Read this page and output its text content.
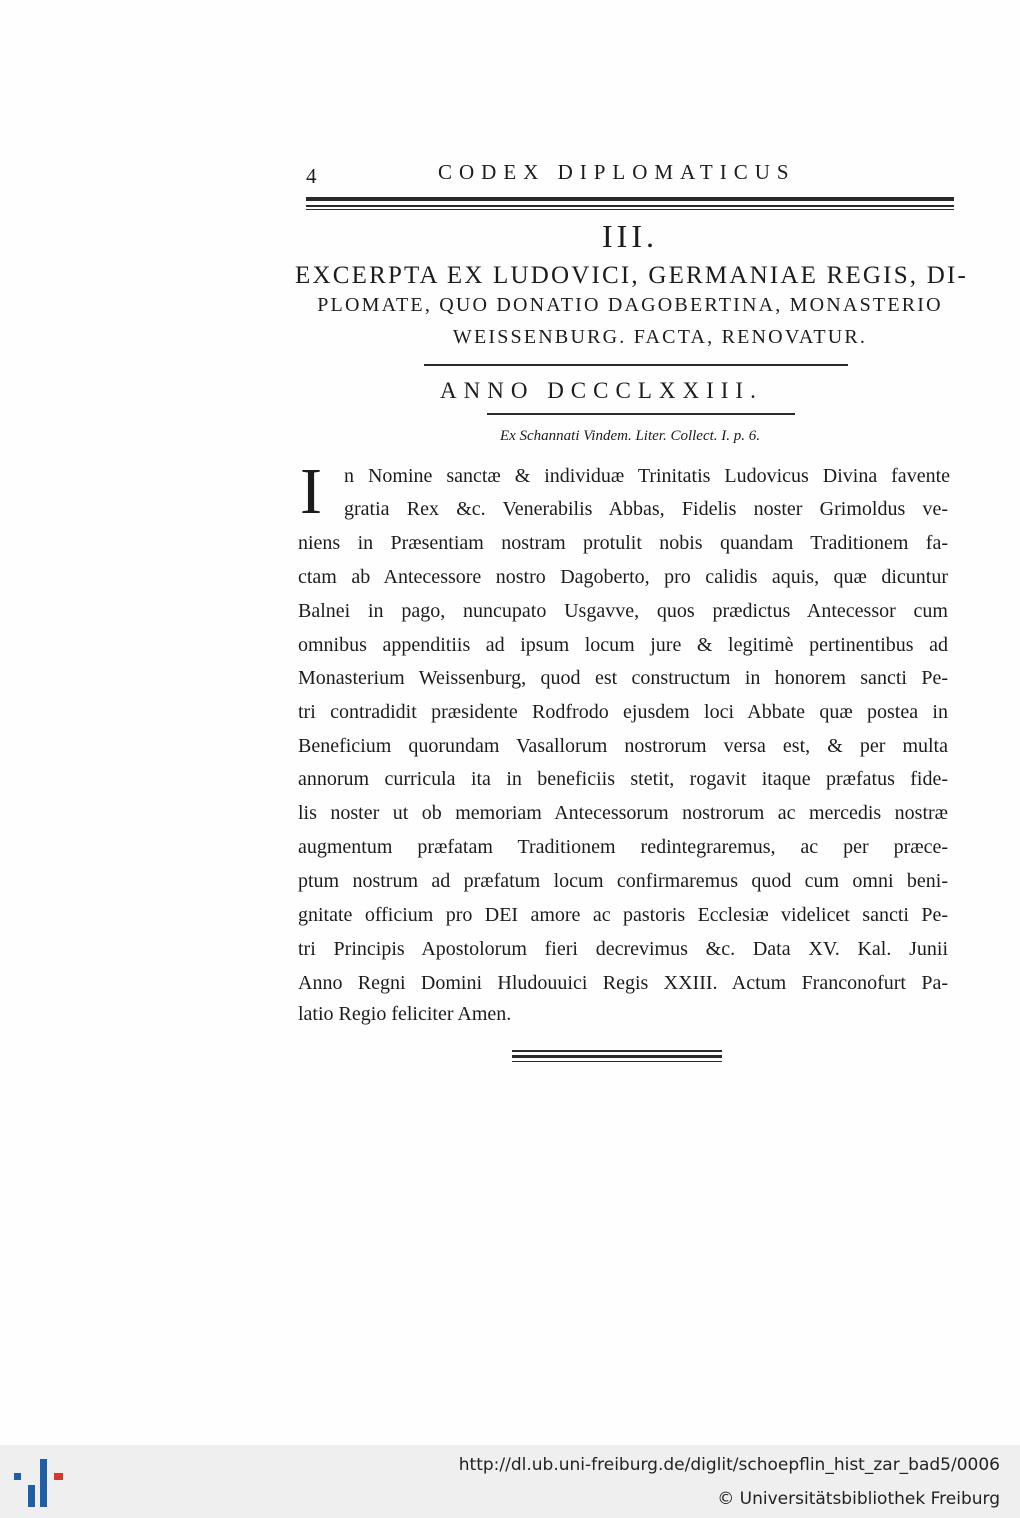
4	CODEX DIPLOMATICUS
III.
EXCERPTA EX LUDOVICI, GERMANIAE REGIS, DI-
PLOMATE, QUO DONATIO DAGOBERTINA, MONASTERIO
WEISSENBURG. FACTA, RENOVATUR.
ANNO DCCCLXXIII.
Ex Schannati Vindem. Liter. Collect. I. p. 6.
I n Nomine sanctæ & individuæ Trinitatis Ludovicus Divina favente
gratia Rex &c. Venerabilis Abbas, Fidelis noster Grimoldus ve-
niens in Præsentiam nostram protulit nobis quandam Traditionem fa-
ctam ab Antecessore nostro Dagoberto, pro calidis aquis, quæ dicuntur
Balnei in pago, nuncupato Usgavve, quos prædictus Antecessor cum
omnibus appenditiis ad ipsum locum jure & legitimè pertinentibus ad
Monasterium Weissenburg, quod est constructum in honorem sancti Pe-
tri contradidit præsidente Rodfrodo ejusdem loci Abbate quæ postea in
Beneficium quorundam Vasallorum nostrorum versa est, & per multa
annorum curricula ita in beneficiis stetit, rogavit itaque præfatus fide-
lis noster ut ob memoriam Antecessorum nostrorum ac mercedis nostræ
augmentum præfatam Traditionem redintegraremus, ac per præce-
ptum nostrum ad præfatum locum confirmaremus quod cum omni beni-
gnitate officium pro DEI amore ac pastoris Ecclesiæ videlicet sancti Pe-
tri Principis Apostolorum fieri decrevimus &c. Data XV. Kal. Junii
Anno Regni Domini Hludouuici Regis XXIII. Actum Franconofurt Pa-
latio Regio feliciter Amen.
http://dl.ub.uni-freiburg.de/diglit/schoepflin_hist_zar_bad5/0006
© Universitätsbibliothek Freiburg
